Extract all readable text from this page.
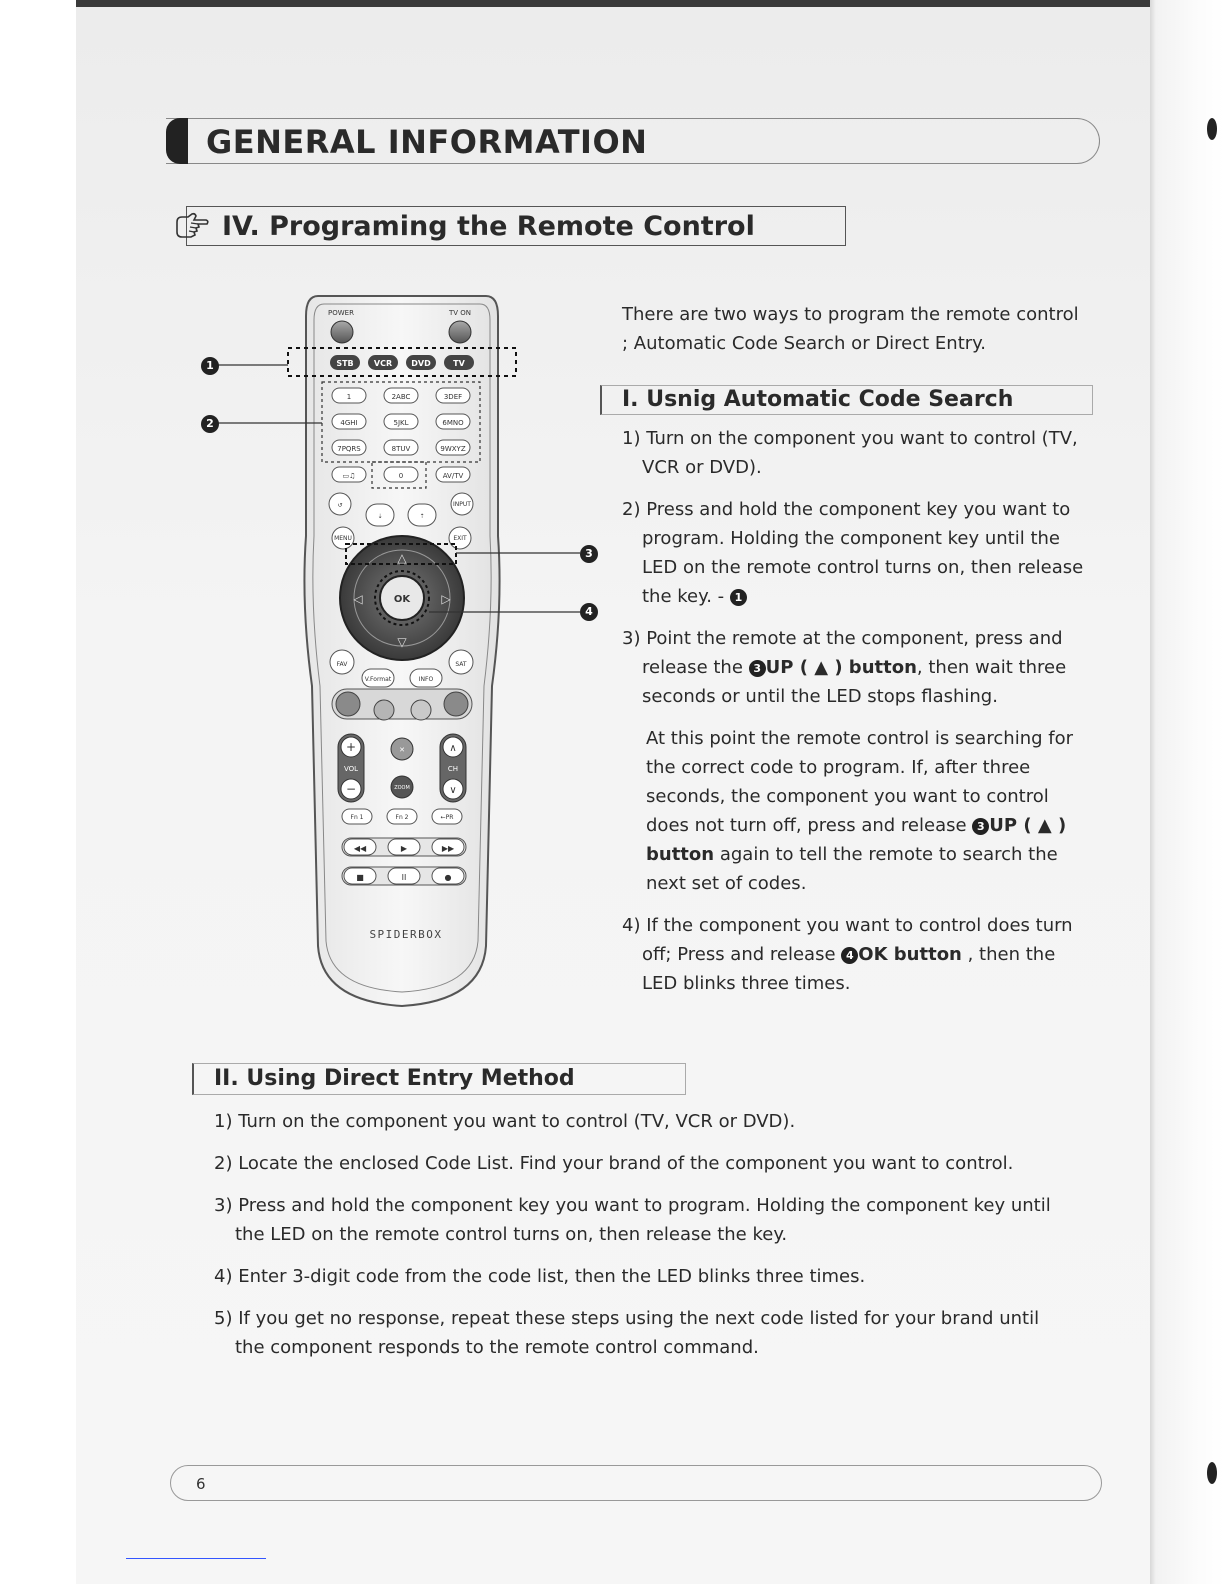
GENERAL INFORMATION
IV. Programing the Remote Control
POWER	TV ON
STB	VCR DVD	TV
1	2ABC	3DEF
4GHI	5JKL	6MNO
7PQRS	8TUV	9WXYZ
▭♫	0	AV/TV
↺
⇣	⇡
INPUT
MENU	EXIT
△
▽
◁	▷
OK
FAV	SAT
V.Format	INFO
+
−
VOL
∧
∨
CH
✕
ZOOM
Fn 1	Fn 2	←PR
◀◀	▶	▶▶
■	II	●
SPIDERBOX
1
2
3
4
There are two ways to program the remote control ; Automatic Code Search or Direct Entry.
I. Usnig Automatic Code Search

1) Turn on the component you want to control (TV, VCR or DVD).

2) Press and hold the component key you want to program. Holding the component key until the LED on the remote control turns on, then release the key. - 1

3) Point the remote at the component, press and release the 3 UP ( ▲ ) button, then wait three seconds or until the LED stops flashing.

At this point the remote control is searching for the correct code to program. If, after three seconds, the component you want to control does not turn off, press and release 3 UP ( ▲ ) button again to tell the remote to search the next set of codes.

4) If the component you want to control does turn off; Press and release 4 OK button , then the LED blinks three times.

II. Using Direct Entry Method

1) Turn on the component you want to control (TV, VCR or DVD).

2) Locate the enclosed Code List. Find your brand of the component you want to control.

3) Press and hold the component key you want to program. Holding the component key until the LED on the remote control turns on, then release the key.

4) Enter 3-digit code from the code list, then the LED blinks three times.

5) If you get no response, repeat these steps using the next code listed for your brand until the component responds to the remote control command.

6
